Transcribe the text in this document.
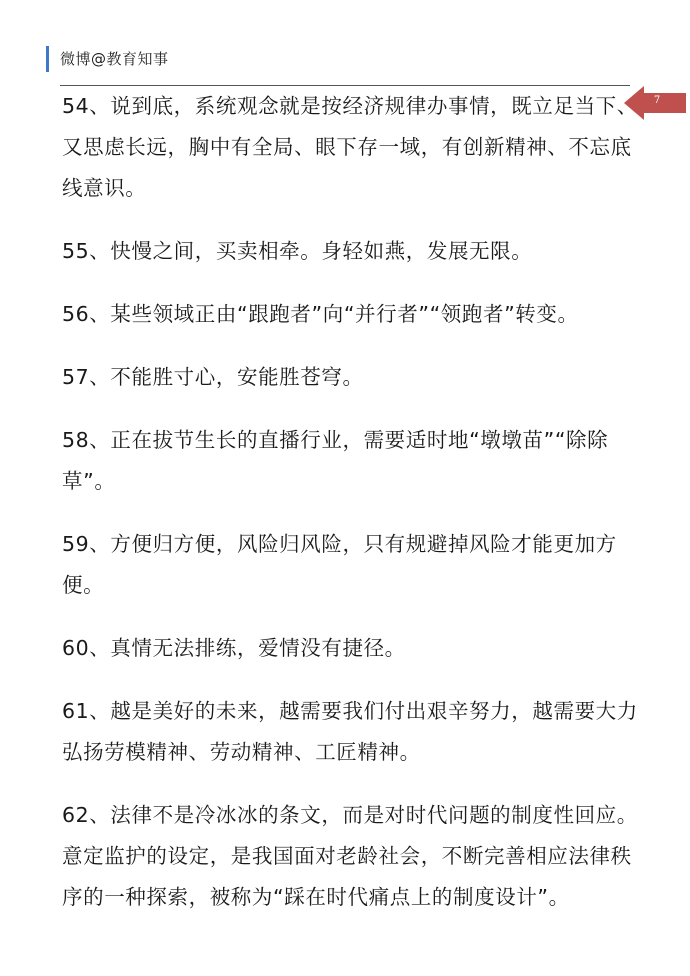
微博@教育知事
7

54、说到底，系统观念就是按经济规律办事情，既立足当下、
又思虑长远，胸中有全局、眼下存一域，有创新精神、不忘底
线意识。

55、快慢之间，买卖相牵。身轻如燕，发展无限。

56、某些领域正由“跟跑者”向“并行者”“领跑者”转变。

57、不能胜寸心，安能胜苍穹。

58、正在拔节生长的直播行业，需要适时地“墩墩苗”“除除
草”。

59、方便归方便，风险归风险，只有规避掉风险才能更加方
便。

60、真情无法排练，爱情没有捷径。

61、越是美好的未来，越需要我们付出艰辛努力，越需要大力
弘扬劳模精神、劳动精神、工匠精神。

62、法律不是冷冰冰的条文，而是对时代问题的制度性回应。
意定监护的设定，是我国面对老龄社会，不断完善相应法律秩
序的一种探索，被称为“踩在时代痛点上的制度设计”。
